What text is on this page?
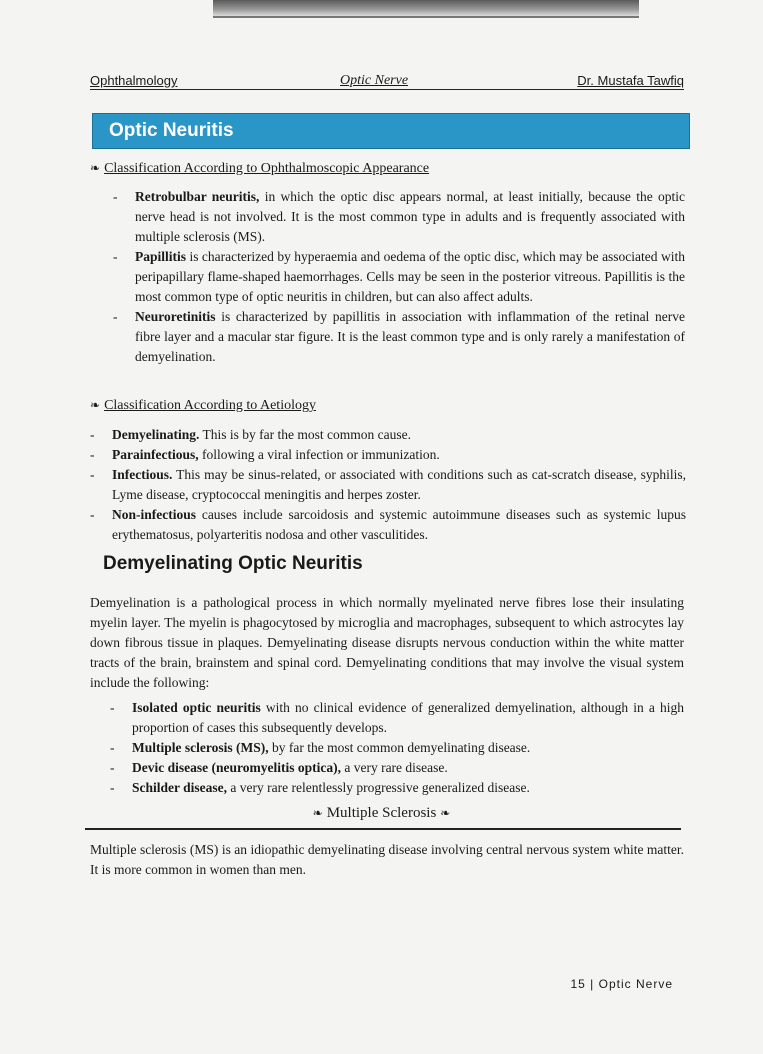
Ophthalmology	Optic Nerve	Dr. Mustafa Tawfiq
Optic Neuritis
❧ Classification According to Ophthalmoscopic Appearance
- Retrobulbar neuritis, in which the optic disc appears normal, at least initially, because the optic nerve head is not involved. It is the most common type in adults and is frequently associated with multiple sclerosis (MS).
- Papillitis is characterized by hyperaemia and oedema of the optic disc, which may be associated with peripapillary flame-shaped haemorrhages. Cells may be seen in the posterior vitreous. Papillitis is the most common type of optic neuritis in children, but can also affect adults.
- Neuroretinitis is characterized by papillitis in association with inflammation of the retinal nerve fibre layer and a macular star figure. It is the least common type and is only rarely a manifestation of demyelination.
❧ Classification According to Aetiology
- Demyelinating. This is by far the most common cause.
- Parainfectious, following a viral infection or immunization.
- Infectious. This may be sinus-related, or associated with conditions such as cat-scratch disease, syphilis, Lyme disease, cryptococcal meningitis and herpes zoster.
- Non-infectious causes include sarcoidosis and systemic autoimmune diseases such as systemic lupus erythematosus, polyarteritis nodosa and other vasculitides.
Demyelinating Optic Neuritis

Demyelination is a pathological process in which normally myelinated nerve fibres lose their insulating myelin layer. The myelin is phagocytosed by microglia and macrophages, subsequent to which astrocytes lay down fibrous tissue in plaques. Demyelinating disease disrupts nervous conduction within the white matter tracts of the brain, brainstem and spinal cord. Demyelinating conditions that may involve the visual system include the following:

- Isolated optic neuritis with no clinical evidence of generalized demyelination, although in a high proportion of cases this subsequently develops.
- Multiple sclerosis (MS), by far the most common demyelinating disease.
- Devic disease (neuromyelitis optica), a very rare disease.
- Schilder disease, a very rare relentlessly progressive generalized disease.
❧ Multiple Sclerosis ❧

Multiple sclerosis (MS) is an idiopathic demyelinating disease involving central nervous system white matter. It is more common in women than men.

15 | Optic Nerve
